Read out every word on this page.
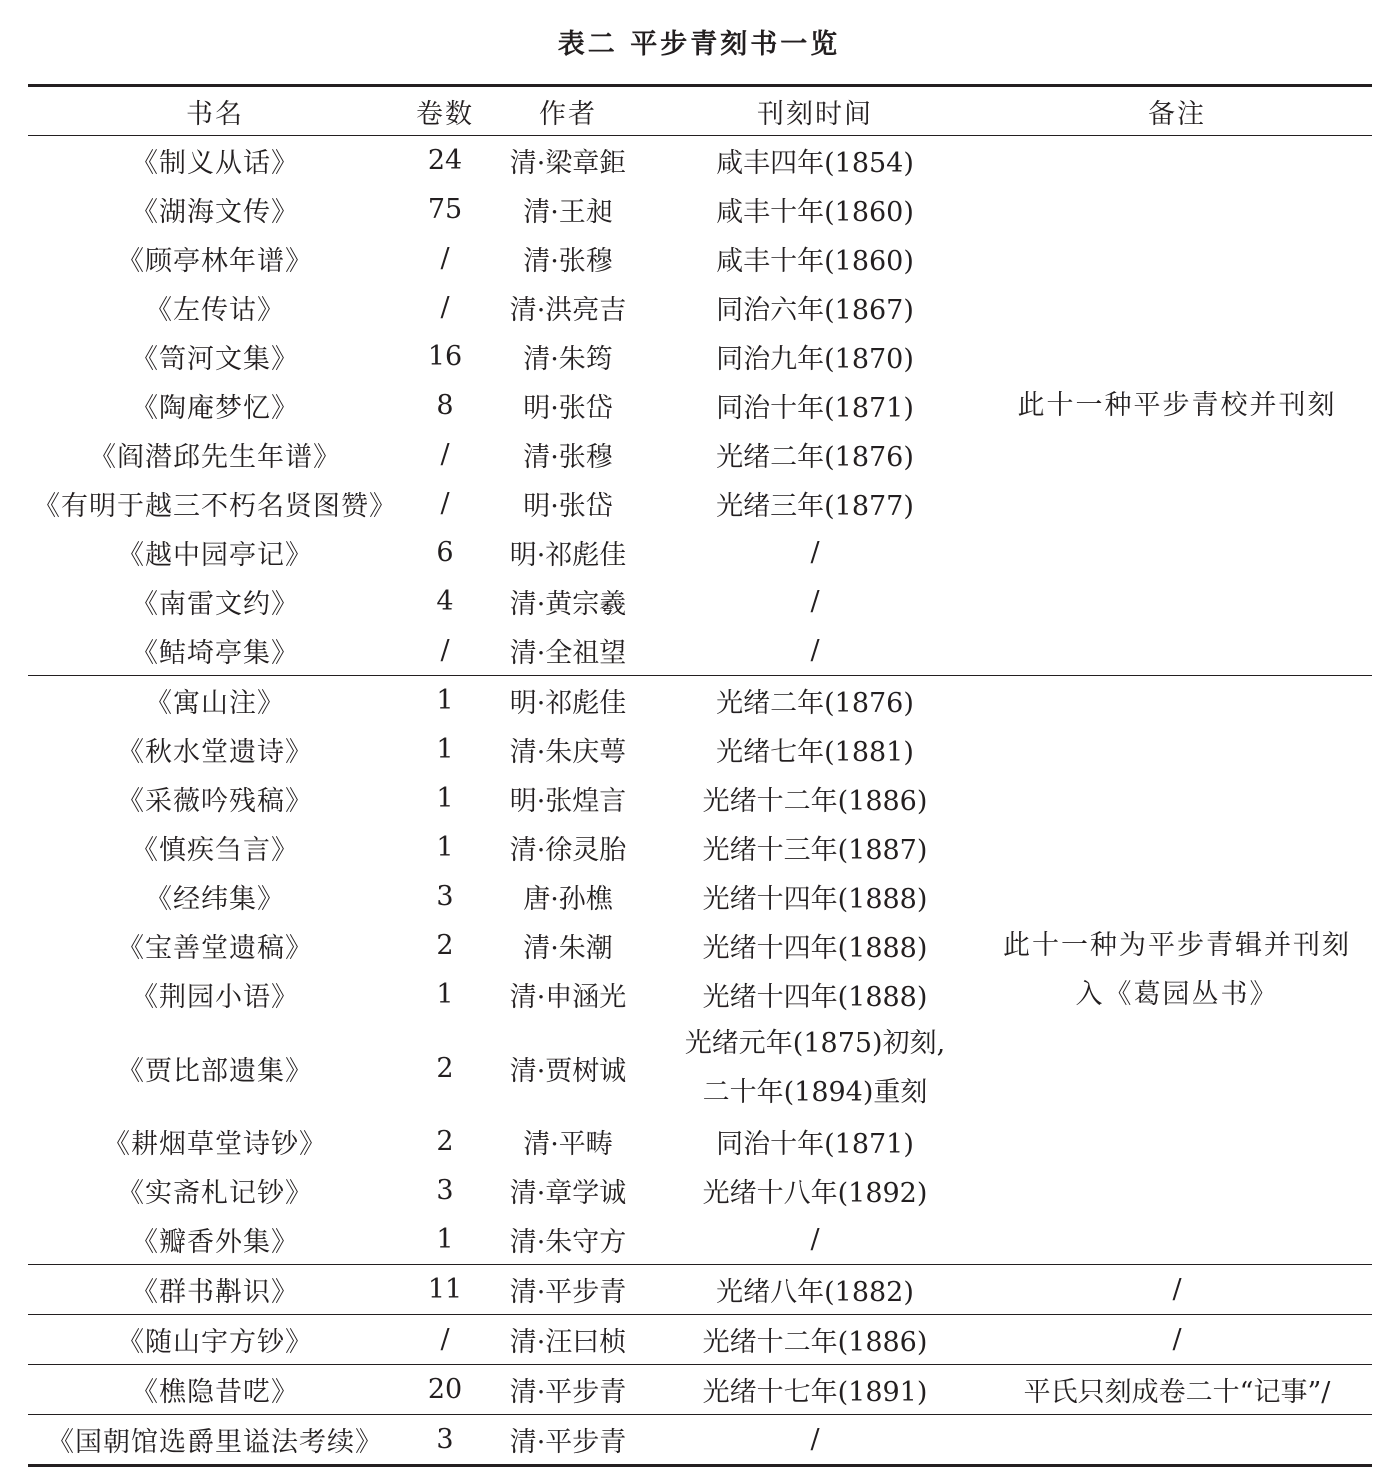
表二 平步青刻书一览
书名	卷数	作者	刊刻时间	备注
《制义从话》	24	清·梁章鉅	咸丰四年(1854)	此十一种平步青校并刊刻
《湖海文传》	75	清·王昶	咸丰十年(1860)	
《顾亭林年谱》	/	清·张穆	咸丰十年(1860)	
《左传诂》	/	清·洪亮吉	同治六年(1867)	
《笥河文集》	16	清·朱筠	同治九年(1870)	
《陶庵梦忆》	8	明·张岱	同治十年(1871)	
《阎潜邱先生年谱》	/	清·张穆	光绪二年(1876)	
《有明于越三不朽名贤图赞》	/	明·张岱	光绪三年(1877)	
《越中园亭记》	6	明·祁彪佳	/	
《南雷文约》	4	清·黄宗羲	/	
《鲒埼亭集》	/	清·全祖望	/	
《寓山注》	1	明·祁彪佳	光绪二年(1876)	此十一种为平步青辑并刊刻
入《葛园丛书》

《秋水堂遗诗》	1	清·朱庆萼	光绪七年(1881)	
《采薇吟残稿》	1	明·张煌言	光绪十二年(1886)	
《慎疾刍言》	1	清·徐灵胎	光绪十三年(1887)	
《经纬集》	3	唐·孙樵	光绪十四年(1888)	
《宝善堂遗稿》	2	清·朱潮	光绪十四年(1888)	
《荆园小语》	1	清·申涵光	光绪十四年(1888)	
《贾比部遗集》	2	清·贾树诚	光绪元年(1875)初刻,
二十年(1894)重刻	

《耕烟草堂诗钞》	2	清·平畴	同治十年(1871)	
《实斋札记钞》	3	清·章学诚	光绪十八年(1892)	
《瓣香外集》	1	清·朱守方	/	
《群书斠识》	11	清·平步青	光绪八年(1882)	/
《随山宇方钞》	/	清·汪曰桢	光绪十二年(1886)	/
《樵隐昔呓》	20	清·平步青	光绪十七年(1891)	平氏只刻成卷二十“记事”/
《国朝馆选爵里谥法考续》	3	清·平步青	/	
